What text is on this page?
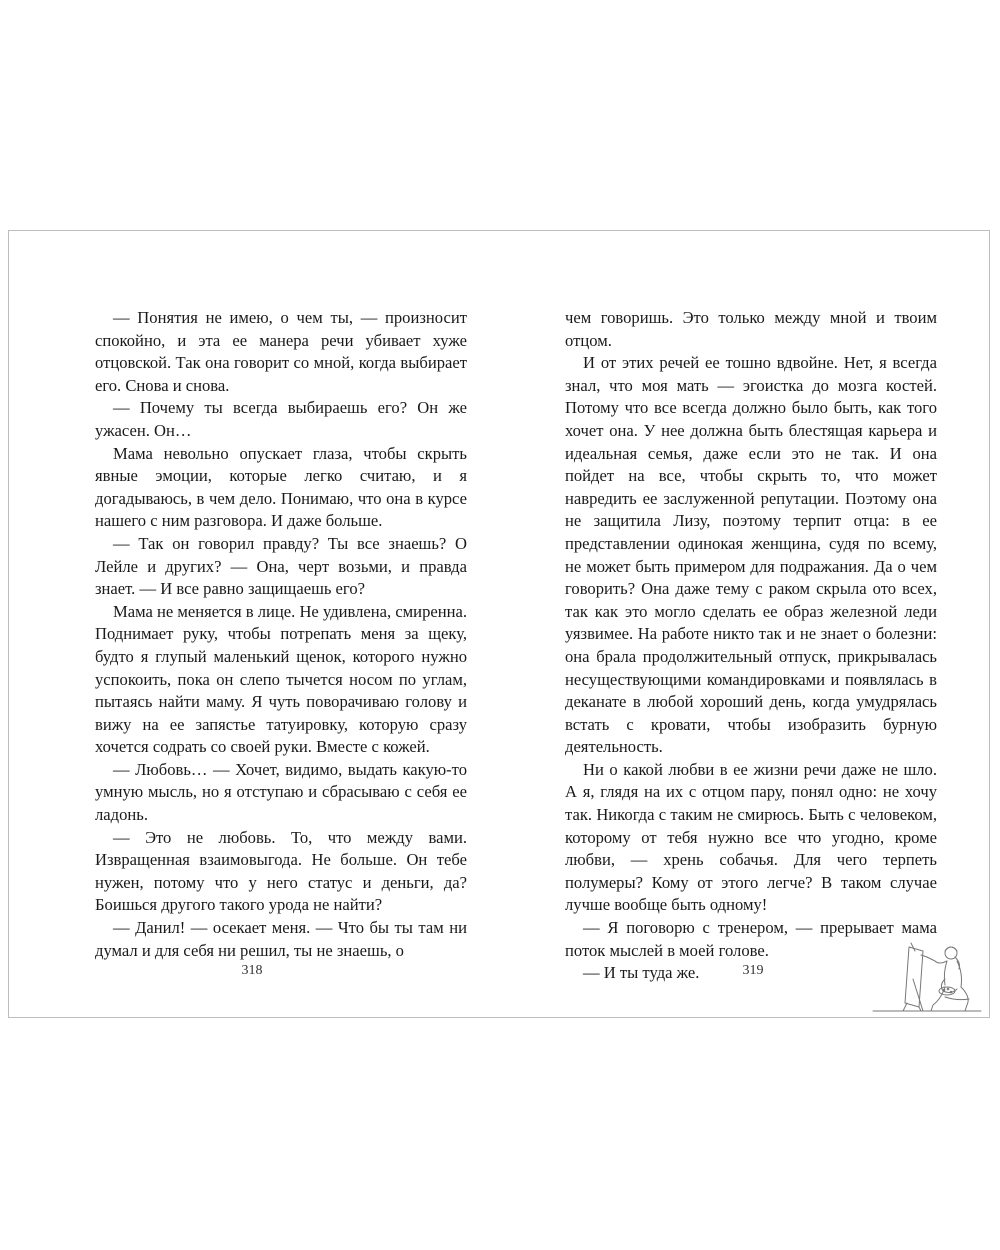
— Понятия не имею, о чем ты, — произносит спокойно, и эта ее манера речи убивает хуже отцовской. Так она говорит со мной, когда выбирает его. Снова и снова.

— Почему ты всегда выбираешь его? Он же ужасен. Он…

Мама невольно опускает глаза, чтобы скрыть явные эмоции, которые легко считаю, и я догадываюсь, в чем дело. Понимаю, что она в курсе нашего с ним разговора. И даже больше.

— Так он говорил правду? Ты все знаешь? О Лейле и других? — Она, черт возьми, и правда знает. — И все равно защищаешь его?

Мама не меняется в лице. Не удивлена, смиренна. Поднимает руку, чтобы потрепать меня за щеку, будто я глупый маленький щенок, которого нужно успокоить, пока он слепо тычется носом по углам, пытаясь найти маму. Я чуть поворачиваю голову и вижу на ее запястье татуировку, которую сразу хочется содрать со своей руки. Вместе с кожей.

— Любовь… — Хочет, видимо, выдать какую-то умную мысль, но я отступаю и сбрасываю с себя ее ладонь.

— Это не любовь. То, что между вами. Извращенная взаимовыгода. Не больше. Он тебе нужен, потому что у него статус и деньги, да? Боишься другого такого урода не найти?

— Данил! — осекает меня. — Что бы ты там ни думал и для себя ни решил, ты не знаешь, о

чем говоришь. Это только между мной и твоим отцом.

И от этих речей ее тошно вдвойне. Нет, я всегда знал, что моя мать — эгоистка до мозга костей. Потому что все всегда должно было быть, как того хочет она. У нее должна быть блестящая карьера и идеальная семья, даже если это не так. И она пойдет на все, чтобы скрыть то, что может навредить ее заслуженной репутации. Поэтому она не защитила Лизу, поэтому терпит отца: в ее представлении одинокая женщина, судя по всему, не может быть примером для подражания. Да о чем говорить? Она даже тему с раком скрыла ото всех, так как это могло сделать ее образ железной леди уязвимее. На работе никто так и не знает о болезни: она брала продолжительный отпуск, прикрывалась несуществующими командировками и появлялась в деканате в любой хороший день, когда умудрялась встать с кровати, чтобы изобразить бурную деятельность.

Ни о какой любви в ее жизни речи даже не шло. А я, глядя на их с отцом пару, понял одно: не хочу так. Никогда с таким не смирюсь. Быть с человеком, которому от тебя нужно все что угодно, кроме любви, — хрень собачья. Для чего терпеть полумеры? Кому от этого легче? В таком случае лучше вообще быть одному!

— Я поговорю с тренером, — прерывает мама поток мыслей в моей голове.

— И ты туда же.

318	319
